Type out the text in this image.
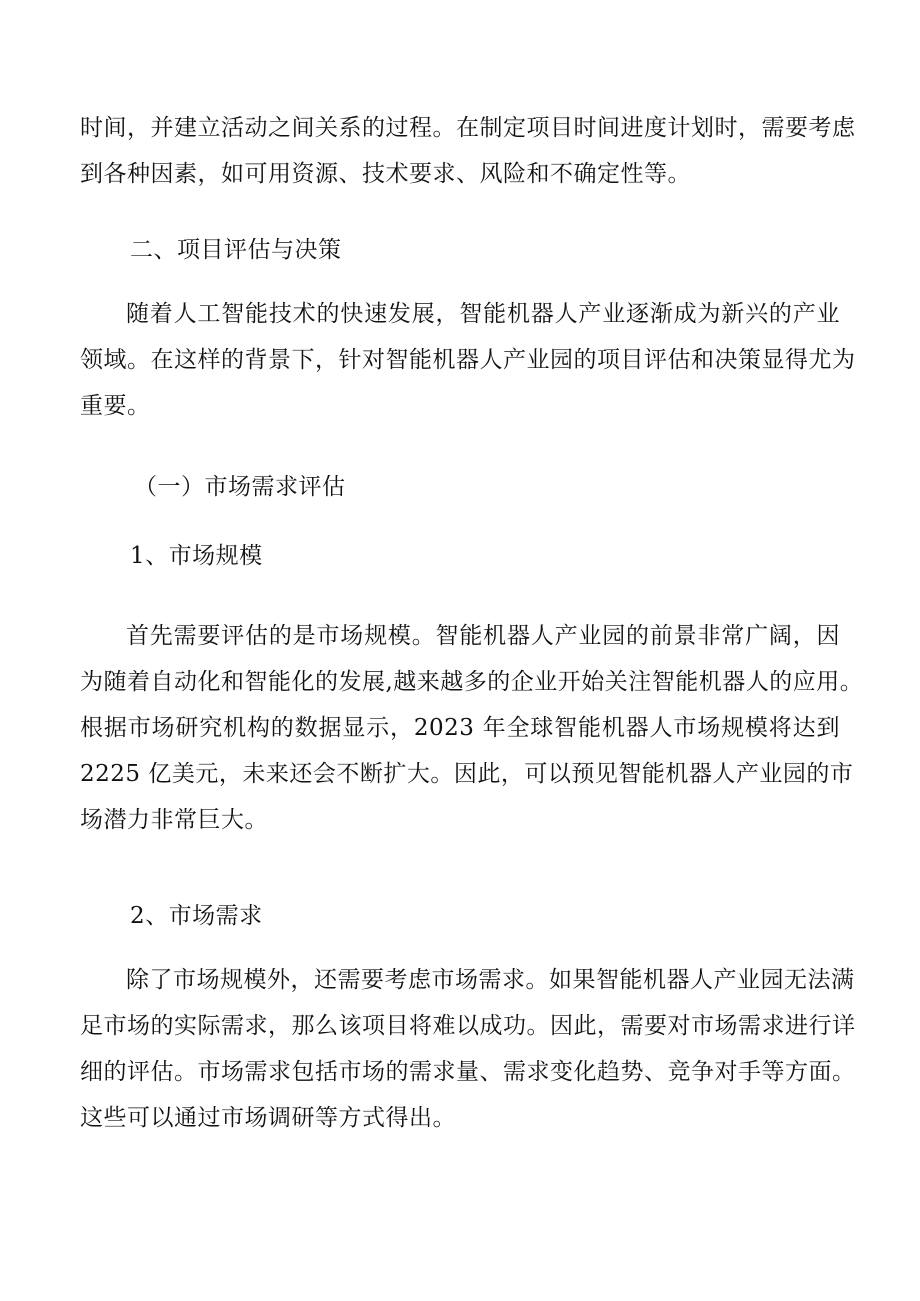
时间，并建立活动之间关系的过程。在制定项目时间进度计划时，需要考虑
到各种因素，如可用资源、技术要求、风险和不确定性等。
二、项目评估与决策
随着人工智能技术的快速发展，智能机器人产业逐渐成为新兴的产业
领域。在这样的背景下，针对智能机器人产业园的项目评估和决策显得尤为
重要。
（一）市场需求评估
1、市场规模
首先需要评估的是市场规模。智能机器人产业园的前景非常广阔，因
为随着自动化和智能化的发展,越来越多的企业开始关注智能机器人的应用。
根据市场研究机构的数据显示，2023 年全球智能机器人市场规模将达到
2225 亿美元，未来还会不断扩大。因此，可以预见智能机器人产业园的市
场潜力非常巨大。
2、市场需求
除了市场规模外，还需要考虑市场需求。如果智能机器人产业园无法满
足市场的实际需求，那么该项目将难以成功。因此，需要对市场需求进行详
细的评估。市场需求包括市场的需求量、需求变化趋势、竞争对手等方面。
这些可以通过市场调研等方式得出。
